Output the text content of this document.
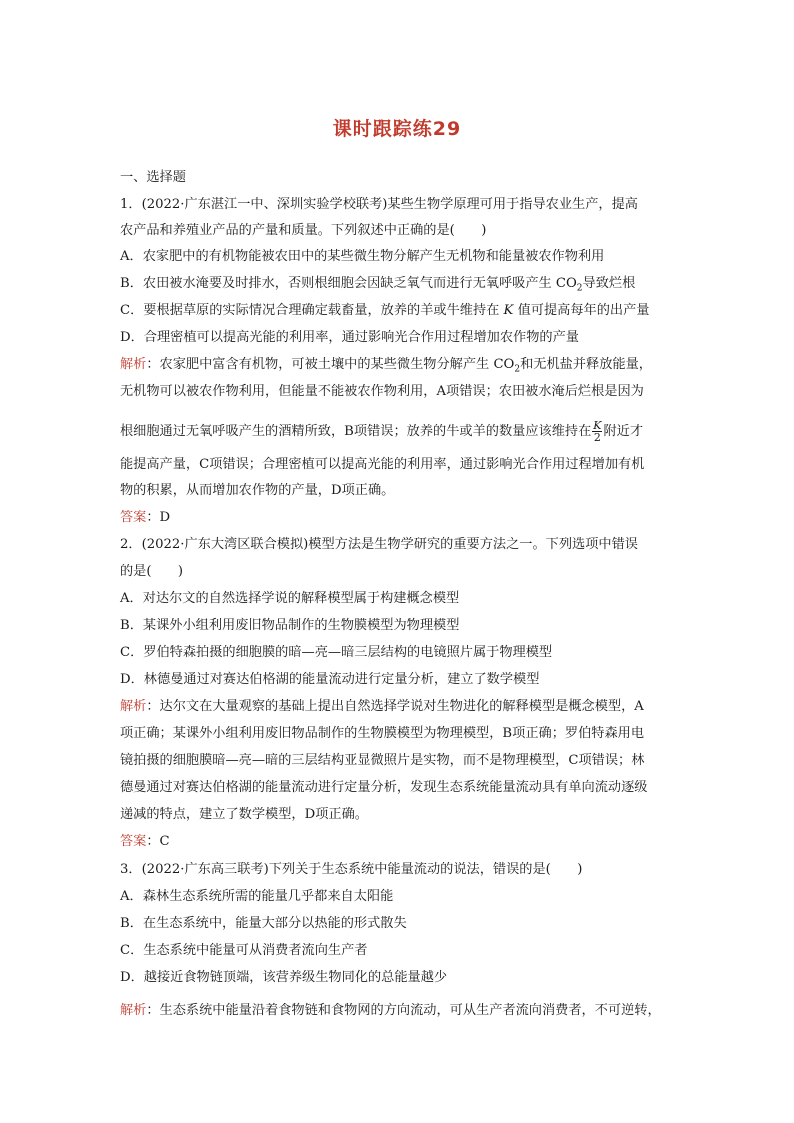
课时跟踪练29
一、选择题
1．(2022·广东湛江一中、深圳实验学校联考)某些生物学原理可用于指导农业生产，提高
农产品和养殖业产品的产量和质量。下列叙述中正确的是(　　)
A．农家肥中的有机物能被农田中的某些微生物分解产生无机物和能量被农作物利用
B．农田被水淹要及时排水，否则根细胞会因缺乏氧气而进行无氧呼吸产生 $CO_2$导致烂根
C．要根据草原的实际情况合理确定载畜量，放养的羊或牛维持在 K 值可提高每年的出产量
D．合理密植可以提高光能的利用率，通过影响光合作用过程增加农作物的产量
解析：农家肥中富含有机物，可被土壤中的某些微生物分解产生 $CO_2$和无机盐并释放能量，
无机物可以被农作物利用，但能量不能被农作物利用，A项错误；农田被水淹后烂根是因为
根细胞通过无氧呼吸产生的酒精所致，B项错误；放养的牛或羊的数量应该维持在 $\frac{K}{2}$ 附近才
能提高产量，C项错误；合理密植可以提高光能的利用率，通过影响光合作用过程增加有机
物的积累，从而增加农作物的产量，D项正确。
答案：D
2．(2022·广东大湾区联合模拟)模型方法是生物学研究的重要方法之一。下列选项中错误
的是(　　)
A．对达尔文的自然选择学说的解释模型属于构建概念模型
B．某课外小组利用废旧物品制作的生物膜模型为物理模型
C．罗伯特森拍摄的细胞膜的暗—亮—暗三层结构的电镜照片属于物理模型
D．林德曼通过对赛达伯格湖的能量流动进行定量分析，建立了数学模型
解析：达尔文在大量观察的基础上提出自然选择学说对生物进化的解释模型是概念模型，A
项正确；某课外小组利用废旧物品制作的生物膜模型为物理模型，B项正确；罗伯特森用电
镜拍摄的细胞膜暗—亮—暗的三层结构亚显微照片是实物，而不是物理模型，C项错误；林
德曼通过对赛达伯格湖的能量流动进行定量分析，发现生态系统能量流动具有单向流动逐级
递减的特点，建立了数学模型，D项正确。
答案：C
3．(2022·广东高三联考)下列关于生态系统中能量流动的说法，错误的是(　　)
A．森林生态系统所需的能量几乎都来自太阳能
B．在生态系统中，能量大部分以热能的形式散失
C．生态系统中能量可从消费者流向生产者
D．越接近食物链顶端，该营养级生物同化的总能量越少
解析：生态系统中能量沿着食物链和食物网的方向流动，可从生产者流向消费者，不可逆转，
